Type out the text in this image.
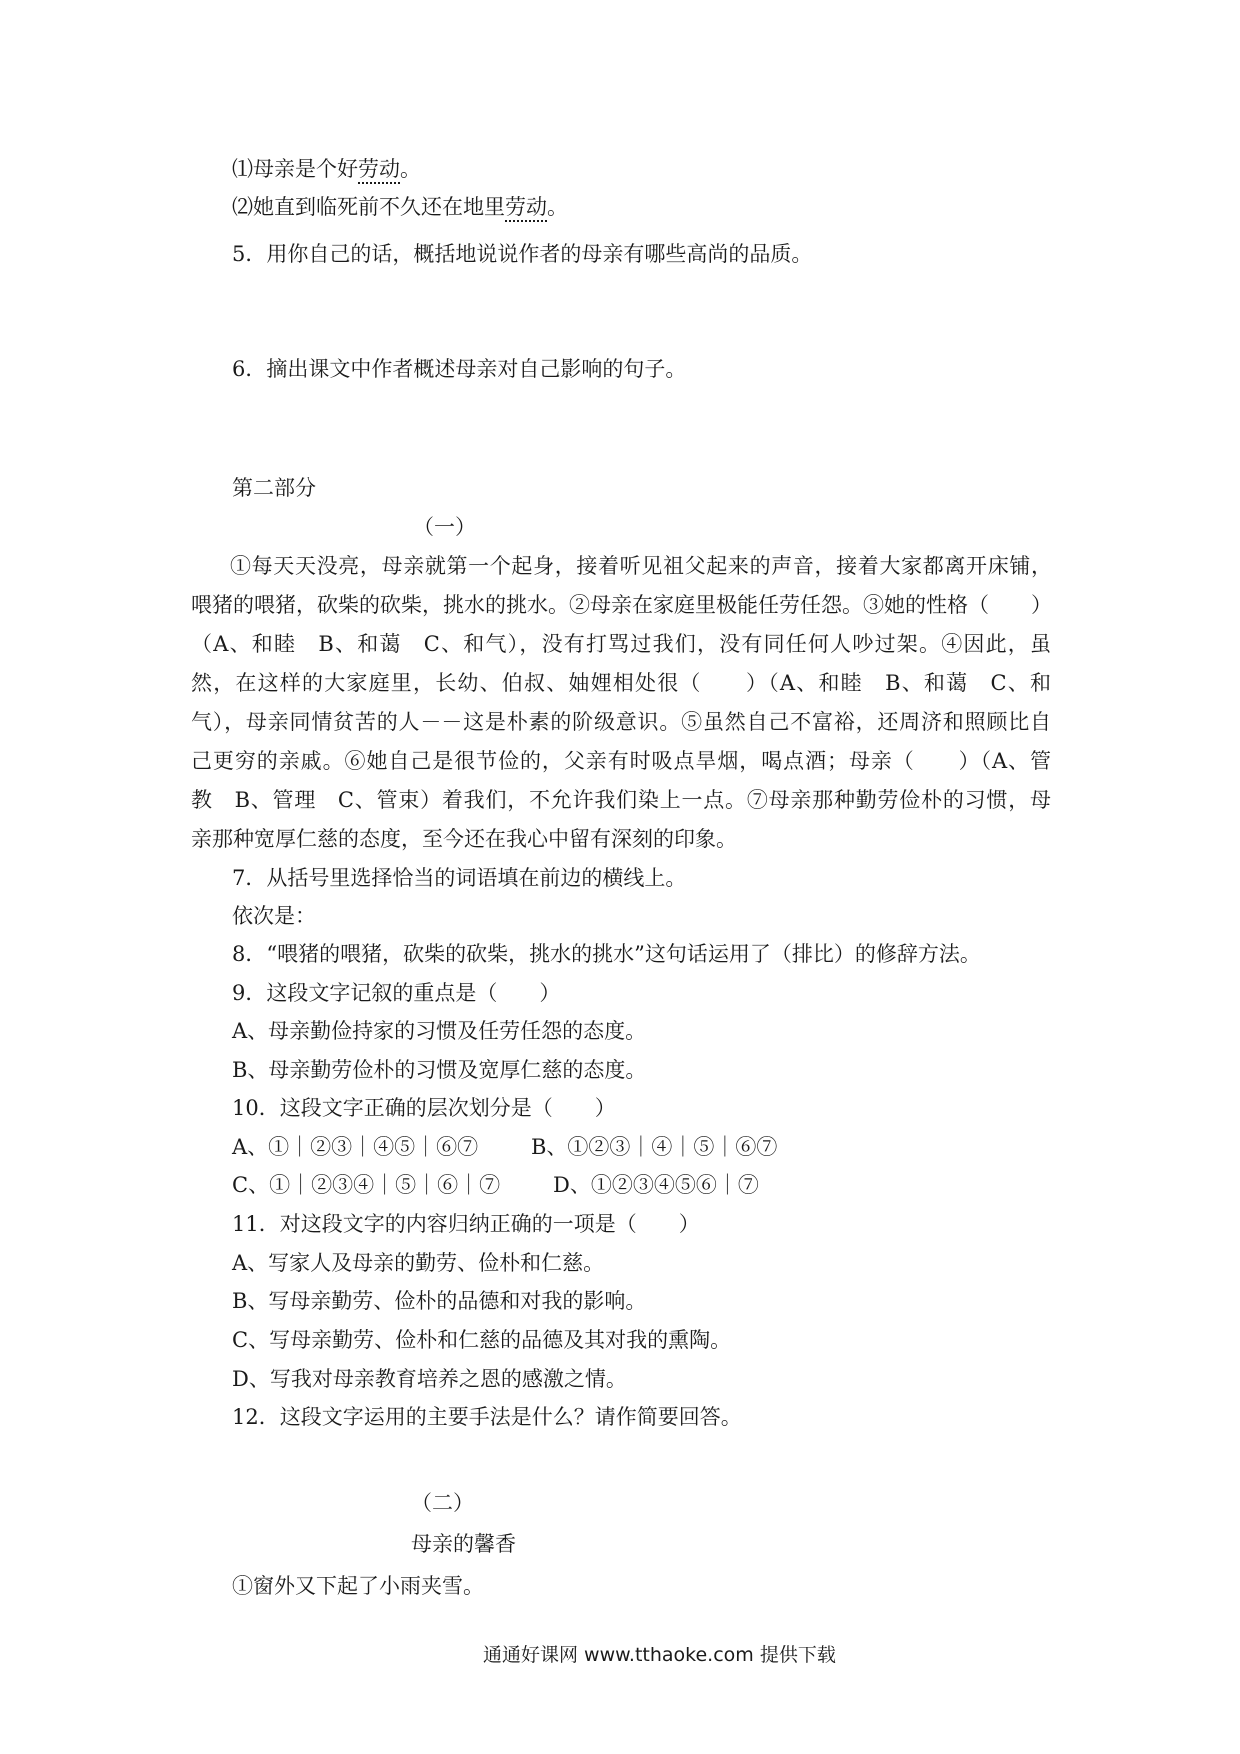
⑴母亲是个好劳动。
⑵她直到临死前不久还在地里劳动。
5．用你自己的话，概括地说说作者的母亲有哪些高尚的品质。
6．摘出课文中作者概述母亲对自己影响的句子。
第二部分
（一）
①每天天没亮，母亲就第一个起身，接着听见祖父起来的声音，接着大家都离开床铺，
喂猪的喂猪，砍柴的砍柴，挑水的挑水。②母亲在家庭里极能任劳任怨。③她的性格（　　）
（A、和睦　B、和蔼　C、和气），没有打骂过我们，没有同任何人吵过架。④因此，虽
然，在这样的大家庭里，长幼、伯叔、妯娌相处很（　　）（A、和睦　B、和蔼　C、和
气），母亲同情贫苦的人－－这是朴素的阶级意识。⑤虽然自己不富裕，还周济和照顾比自
己更穷的亲戚。⑥她自己是很节俭的，父亲有时吸点旱烟，喝点酒；母亲（　　）（A、管
教　B、管理　C、管束）着我们，不允许我们染上一点。⑦母亲那种勤劳俭朴的习惯，母
亲那种宽厚仁慈的态度，至今还在我心中留有深刻的印象。
7．从括号里选择恰当的词语填在前边的横线上。
依次是：
8．“喂猪的喂猪，砍柴的砍柴，挑水的挑水”这句话运用了（排比）的修辞方法。
9．这段文字记叙的重点是（　　）
A、母亲勤俭持家的习惯及任劳任怨的态度。
B、母亲勤劳俭朴的习惯及宽厚仁慈的态度。
10．这段文字正确的层次划分是（　　）
A、①｜②③｜④⑤｜⑥⑦	B、①②③｜④｜⑤｜⑥⑦
C、①｜②③④｜⑤｜⑥｜⑦	D、①②③④⑤⑥｜⑦
11．对这段文字的内容归纳正确的一项是（　　）
A、写家人及母亲的勤劳、俭朴和仁慈。
B、写母亲勤劳、俭朴的品德和对我的影响。
C、写母亲勤劳、俭朴和仁慈的品德及其对我的熏陶。
D、写我对母亲教育培养之恩的感激之情。
12．这段文字运用的主要手法是什么？请作简要回答。
（二）
母亲的馨香
①窗外又下起了小雨夹雪。
通通好课网 www.tthaoke.com 提供下载
